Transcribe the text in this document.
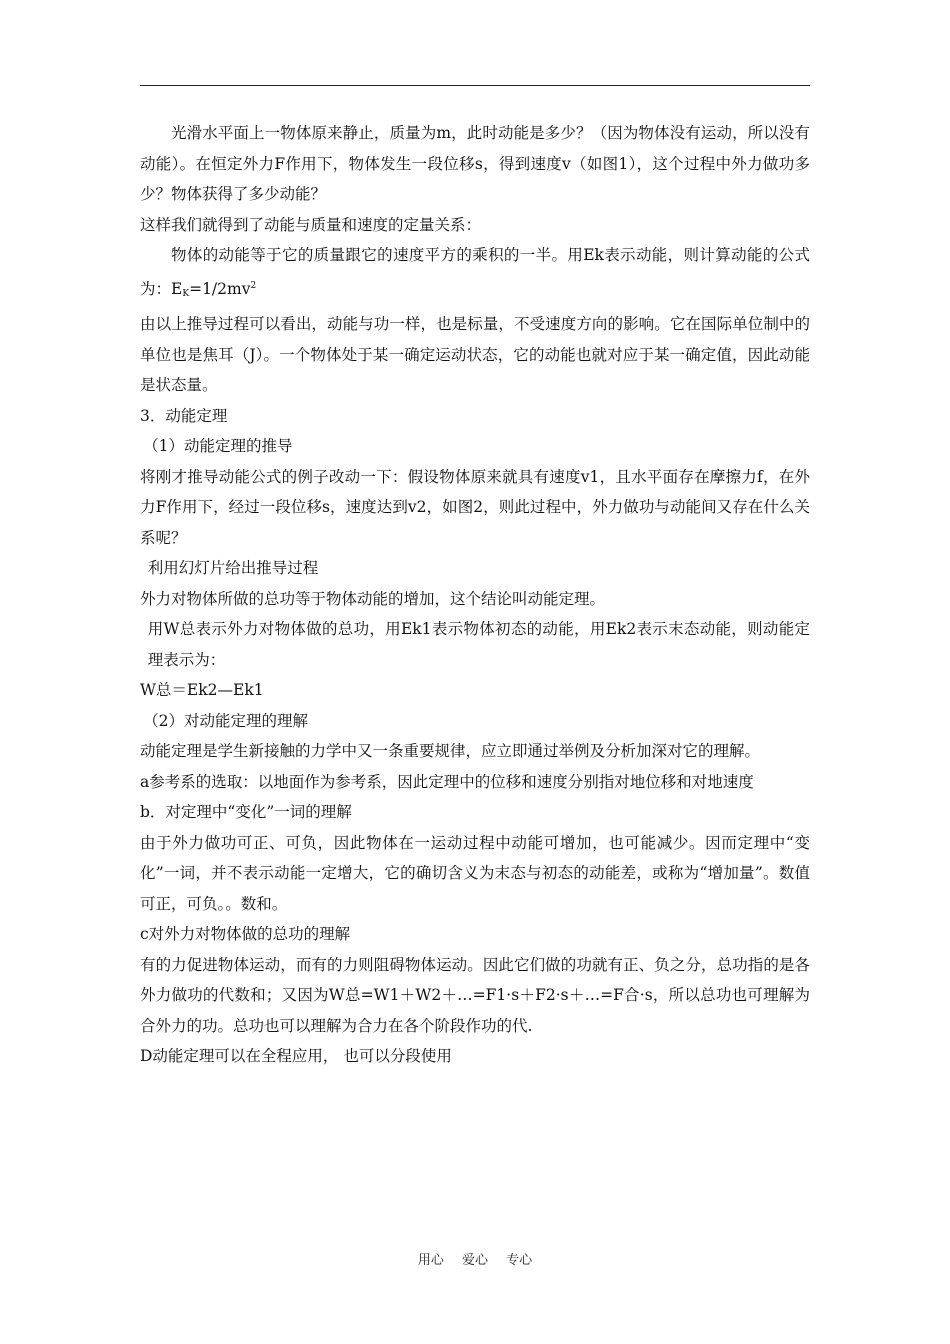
光滑水平面上一物体原来静止，质量为m，此时动能是多少？（因为物体没有运动，所以没有动能）。在恒定外力F作用下，物体发生一段位移s，得到速度v（如图1），这个过程中外力做功多少？物体获得了多少动能？
这样我们就得到了动能与质量和速度的定量关系：
物体的动能等于它的质量跟它的速度平方的乘积的一半。用Ek表示动能，则计算动能的公式为：$E_K=1/2mv^2$
由以上推导过程可以看出，动能与功一样，也是标量，不受速度方向的影响。它在国际单位制中的单位也是焦耳（J）。一个物体处于某一确定运动状态，它的动能也就对应于某一确定值，因此动能是状态量。
3．动能定理
（1）动能定理的推导
将刚才推导动能公式的例子改动一下：假设物体原来就具有速度v1，且水平面存在摩擦力f，在外力F作用下，经过一段位移s，速度达到v2，如图2，则此过程中，外力做功与动能间又存在什么关系呢？
利用幻灯片给出推导过程
外力对物体所做的总功等于物体动能的增加，这个结论叫动能定理。
用W总表示外力对物体做的总功，用Ek1表示物体初态的动能，用Ek2表示末态动能，则动能定理表示为：
W总＝Ek2—Ek1
（2）对动能定理的理解
动能定理是学生新接触的力学中又一条重要规律，应立即通过举例及分析加深对它的理解。
a参考系的选取：以地面作为参考系，因此定理中的位移和速度分别指对地位移和对地速度
b．对定理中“变化”一词的理解
由于外力做功可正、可负，因此物体在一运动过程中动能可增加，也可能减少。因而定理中“变化”一词，并不表示动能一定增大，它的确切含义为末态与初态的动能差，或称为“增加量”。数值可正，可负。。数和。
c对外力对物体做的总功的理解
有的力促进物体运动，而有的力则阻碍物体运动。因此它们做的功就有正、负之分，总功指的是各外力做功的代数和；又因为W总=W1＋W2＋…=F1·s＋F2·s＋…=F合·s，所以总功也可理解为合外力的功。总功也可以理解为合力在各个阶段作功的代.
D动能定理可以在全程应用， 也可以分段使用
用心 爱心 专心
